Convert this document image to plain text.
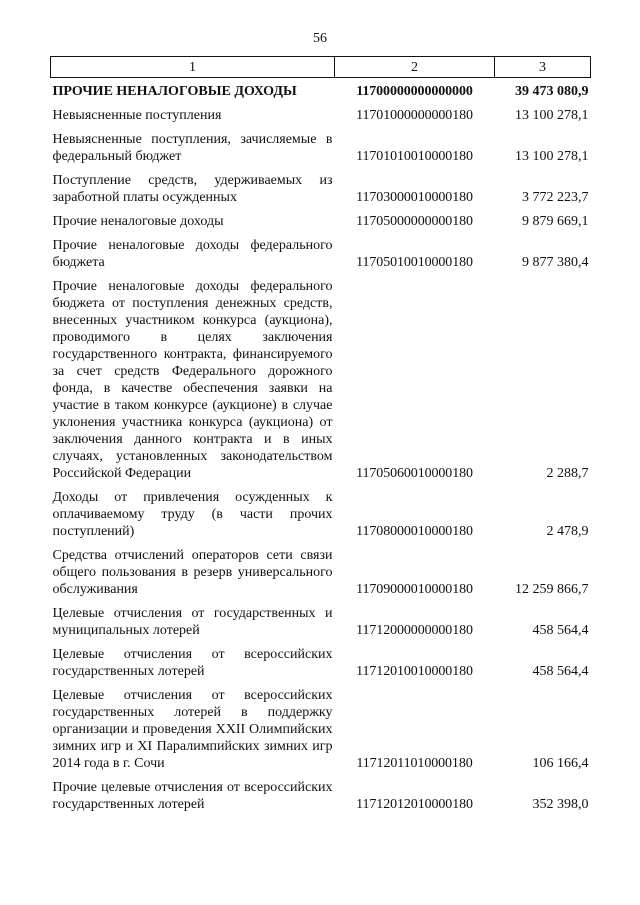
56
1	2	3
ПРОЧИЕ НЕНАЛОГОВЫЕ ДОХОДЫ	11700000000000000	39 473 080,9
Невыясненные поступления	11701000000000180	13 100 278,1
Невыясненные поступления, зачисляемые в федеральный бюджет	11701010010000180	13 100 278,1
Поступление средств, удерживаемых из заработной платы осужденных	11703000010000180	3 772 223,7
Прочие неналоговые доходы	11705000000000180	9 879 669,1
Прочие неналоговые доходы федерального бюджета	11705010010000180	9 877 380,4
Прочие неналоговые доходы федерального бюджета от поступления денежных средств, внесенных участником конкурса (аукциона), проводимого в целях заключения государственного контракта, финансируемого за счет средств Федерального дорожного фонда, в качестве обеспечения заявки на участие в таком конкурсе (аукционе) в случае уклонения участника конкурса (аукциона) от заключения данного контракта и в иных случаях, установленных законодательством Российской Федерации	11705060010000180	2 288,7
Доходы от привлечения осужденных к оплачиваемому труду (в части прочих поступлений)	11708000010000180	2 478,9
Средства отчислений операторов сети связи общего пользования в резерв универсального обслуживания	11709000010000180	12 259 866,7
Целевые отчисления от государственных и муниципальных лотерей	11712000000000180	458 564,4
Целевые отчисления от всероссийских государственных лотерей	11712010010000180	458 564,4
Целевые отчисления от всероссийских государственных лотерей в поддержку организации и проведения XXII Олимпийских зимних игр и XI Паралимпийских зимних игр 2014 года в г. Сочи	11712011010000180	106 166,4
Прочие целевые отчисления от всероссийских государственных лотерей	11712012010000180	352 398,0
